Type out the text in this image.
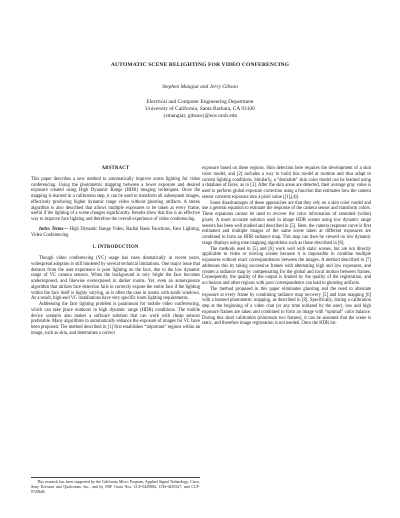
AUTOMATIC SCENE RELIGHTING FOR VIDEO CONFERENCING
Stephen Mangiat and Jerry Gibson
Electrical and Computer Engineering Department
University of California, Santa Barbara, CA 93106
{smangiat, gibson}@ece.ucsb.edu
ABSTRACT

This paper describes a new method to automatically improve scene lighting for video conferencing. Using the photometric mapping between a lower exposure and desired exposure created using High Dynamic Range (HDR) imaging techniques. Once the mapping is learned in a calibration step, it can be used to transform all subsequent images, effectively producing higher dynamic range video without ghosting artifacts. A stereo algorithm is also described that allows multiple exposures to be taken at every frame, useful if the lighting of a scene changes significantly. Results show that this is an effective way to improve face lighting and therefore the overall experience of video conferencing.

Index Terms— High Dynamic Range Video, Radial Basis Functions, Face Lighting, Video Conferencing

1. INTRODUCTION

Though video conferencing (VC) usage has risen dramatically in recent years, widespread adoption is still hindered by several technical limitations. One major issue that detracts from the user experience is poor lighting on the face, due to the low dynamic range of VC camera sensors. When the background is very bright the face becomes underexposed, and likewise overexposed in darker rooms. Yet, even an autoexposure algorithm that utilizes face detection fails to correctly expose the entire face if the lighting within the face itself is highly varying, as is often the case in rooms with sunlit windows. As a result, high-end VC installations have very specific room lighting requirements.

Addressing the face lighting problem is paramount for mobile video conferencing, which can take place outdoors in high dynamic range (HDR) conditions. The mobile device scenario also makes a software solution that can work with cheap sensors preferable. Many algorithms to automatically enhance the exposure of images for VC have been proposed. The method described in [1] first establishes “important” regions within an image, such as skin, and determines a correct

exposure based on these regions. Skin detection here requires the development of a skin color model, and [2] includes a way to build this model at runtime and thus adapt to current lighting conditions. Similarly, a “desirable” skin color model can be learned using a database of faces, as in [3]. After the skin areas are detected, their average gray value is used to perform global exposure correction using a function that estimates how the camera sensor converts exposure into a pixel value ([1],[4]).

Some disadvantages of these approaches are that they rely on a skin color model and use a general equation to estimate the response of the camera sensor and transform colors. These equations cannot be used to recover the color information of saturated (white) pixels. A more accurate solution used in image HDR scenes using low dynamic range sensors has been well studied and described in [5]. Here, the camera response curve is first estimated and multiple images of the same scene taken at different exposures are combined to form an HDR radiance map. This map can then be viewed on low dynamic range displays using tone mapping algorithms such as those described in [6].

The methods used in [5] and [6] work well with static scenes, but are not directly applicable to video or moving scenes because it is impossible to combine multiple exposures without exact correspondences between the images. A method described in [7] addresses this by taking successive frames with alternating high and low exposures, and creates a radiance map by compensating for the global and local motion between frames. Consequently, the quality of the output is limited by the quality of the registration, and occlusions and other regions with poor correspondence can lead to ghosting artifacts.

The method proposed in this paper eliminates ghosting and the need to alternate exposure at every frame by combining radiance map recovery [5] and tone mapping [6] with a learned photometric mapping, as described in [8]. Specifically, during a calibration step at the beginning of a video chat (or any time initiated by the user), low and high exposure frames are taken and combined to form an image with “optimal” color balance. During this short calibration (minimum two frames), it can be assumed that the scene is static, and therefore image registration is not needed. Once the HDR im-

This research has been supported by the California Micro Program, Applied Signal Technology, Cisco, Sony Ericsson and Qualcomm, Inc., and by NSF Grant Nos. CCF-0429884, CNS-0435527, and CCF-0728646.
